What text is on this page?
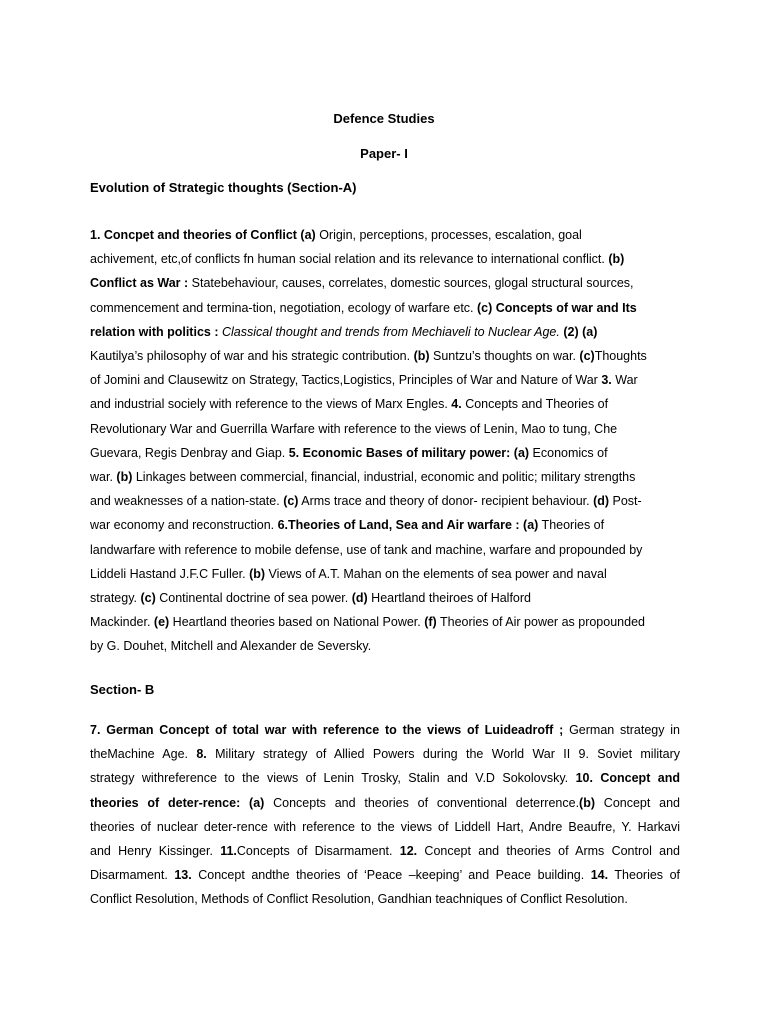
Defence Studies
Paper- I
Evolution of Strategic thoughts (Section-A)

1. Concpet and theories of Conflict (a) Origin, perceptions, processes, escalation, goal

achivement, etc,of conflicts fn human social relation and its relevance to international conflict. (b)

Conflict as War : Statebehaviour, causes, correlates, domestic sources, glogal structural sources,

commencement and termina-tion, negotiation, ecology of warfare etc. (c) Concepts of war and Its

relation with politics : Classical thought and trends from Mechiaveli to Nuclear Age. (2) (a)

Kautilya’s philosophy of war and his strategic contribution. (b) Suntzu’s thoughts on war. (c)Thoughts

of Jomini and Clausewitz on Strategy, Tactics,Logistics, Principles of War and Nature of War 3. War

and industrial sociely with reference to the views of Marx Engles. 4. Concepts and Theories of

Revolutionary War and Guerrilla Warfare with reference to the views of Lenin, Mao to tung, Che

Guevara, Regis Denbray and Giap. 5. Economic Bases of military power: (a) Economics of

war. (b) Linkages between commercial, financial, industrial, economic and politic; military strengths

and weaknesses of a nation-state. (c) Arms trace and theory of donor- recipient behaviour. (d) Post-

war economy and reconstruction. 6.Theories of Land, Sea and Air warfare : (a) Theories of

landwarfare with reference to mobile defense, use of tank and machine, warfare and propounded by

Liddeli Hastand J.F.C Fuller. (b) Views of A.T. Mahan on the elements of sea power and naval

strategy. (c) Continental doctrine of sea power. (d) Heartland theiroes of Halford

Mackinder. (e) Heartland theories based on National Power. (f) Theories of Air power as propounded

by G. Douhet, Mitchell and Alexander de Seversky.

Section- B

7. German Concept of total war with reference to the views of Luideadroff ; German strategy in

theMachine Age. 8. Military strategy of Allied Powers during the World War II 9. Soviet military

strategy withreference to the views of Lenin Trosky, Stalin and V.D Sokolovsky. 10. Concept and

theories of deter-rence: (a) Concepts and theories of conventional deterrence.(b) Concept and

theories of nuclear deter-rence with reference to the views of Liddell Hart, Andre Beaufre, Y. Harkavi

and Henry Kissinger. 11.Concepts of Disarmament. 12. Concept and theories of Arms Control and

Disarmament. 13. Concept andthe theories of ‘Peace –keeping’ and Peace building. 14. Theories of

Conflict Resolution, Methods of Conflict Resolution, Gandhian teachniques of Conflict Resolution.
